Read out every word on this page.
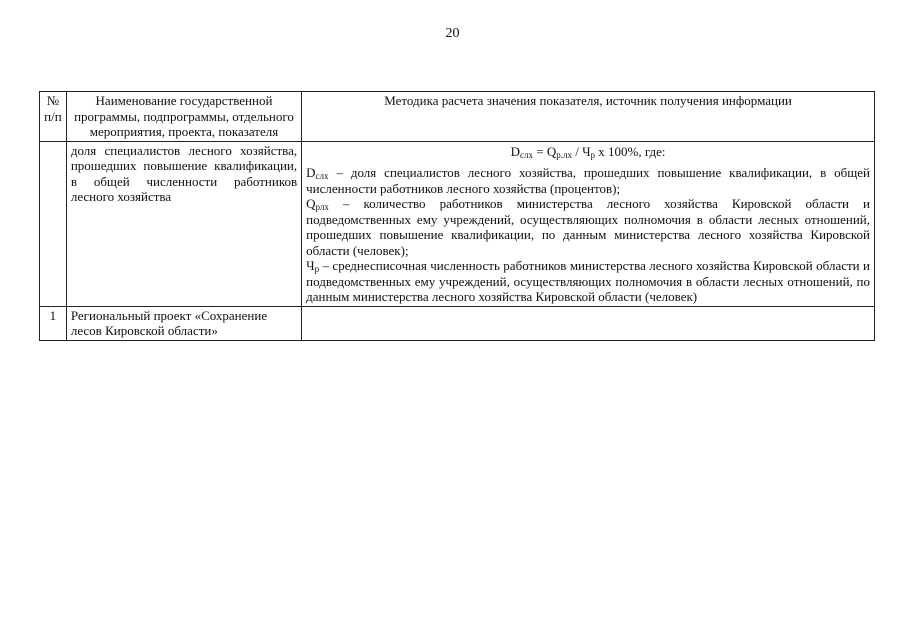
20
№ п/п	Наименование государственной программы, подпрограммы, отдельного мероприятия, проекта, показателя	Методика расчета значения показателя, источник получения информации
	доля специалистов лесного хозяйства, прошедших повышение квалификации, в общей численности работников лесного хозяйства	$D_{слх} = Q_{р.лх} / Ч_р$ x 100%, где:

$D_{слх}$ – доля специалистов лесного хозяйства, прошедших повышение квалификации, в общей численности работников лесного хозяйства (процентов);

$Q_{рлх}$ – количество работников министерства лесного хозяйства Кировской области и подведомственных ему учреждений, осуществляющих полномочия в области лесных отношений, прошедших повышение квалификации, по данным министерства лесного хозяйства Кировской области (человек);

$Ч_р$ – среднесписочная численность работников министерства лесного хозяйства Кировской области и подведомственных ему учреждений, осуществляющих полномочия в области лесных отношений, по данным министерства лесного хозяйства Кировской области (человек)

1	Региональный проект «Сохранение лесов Кировской области»	
